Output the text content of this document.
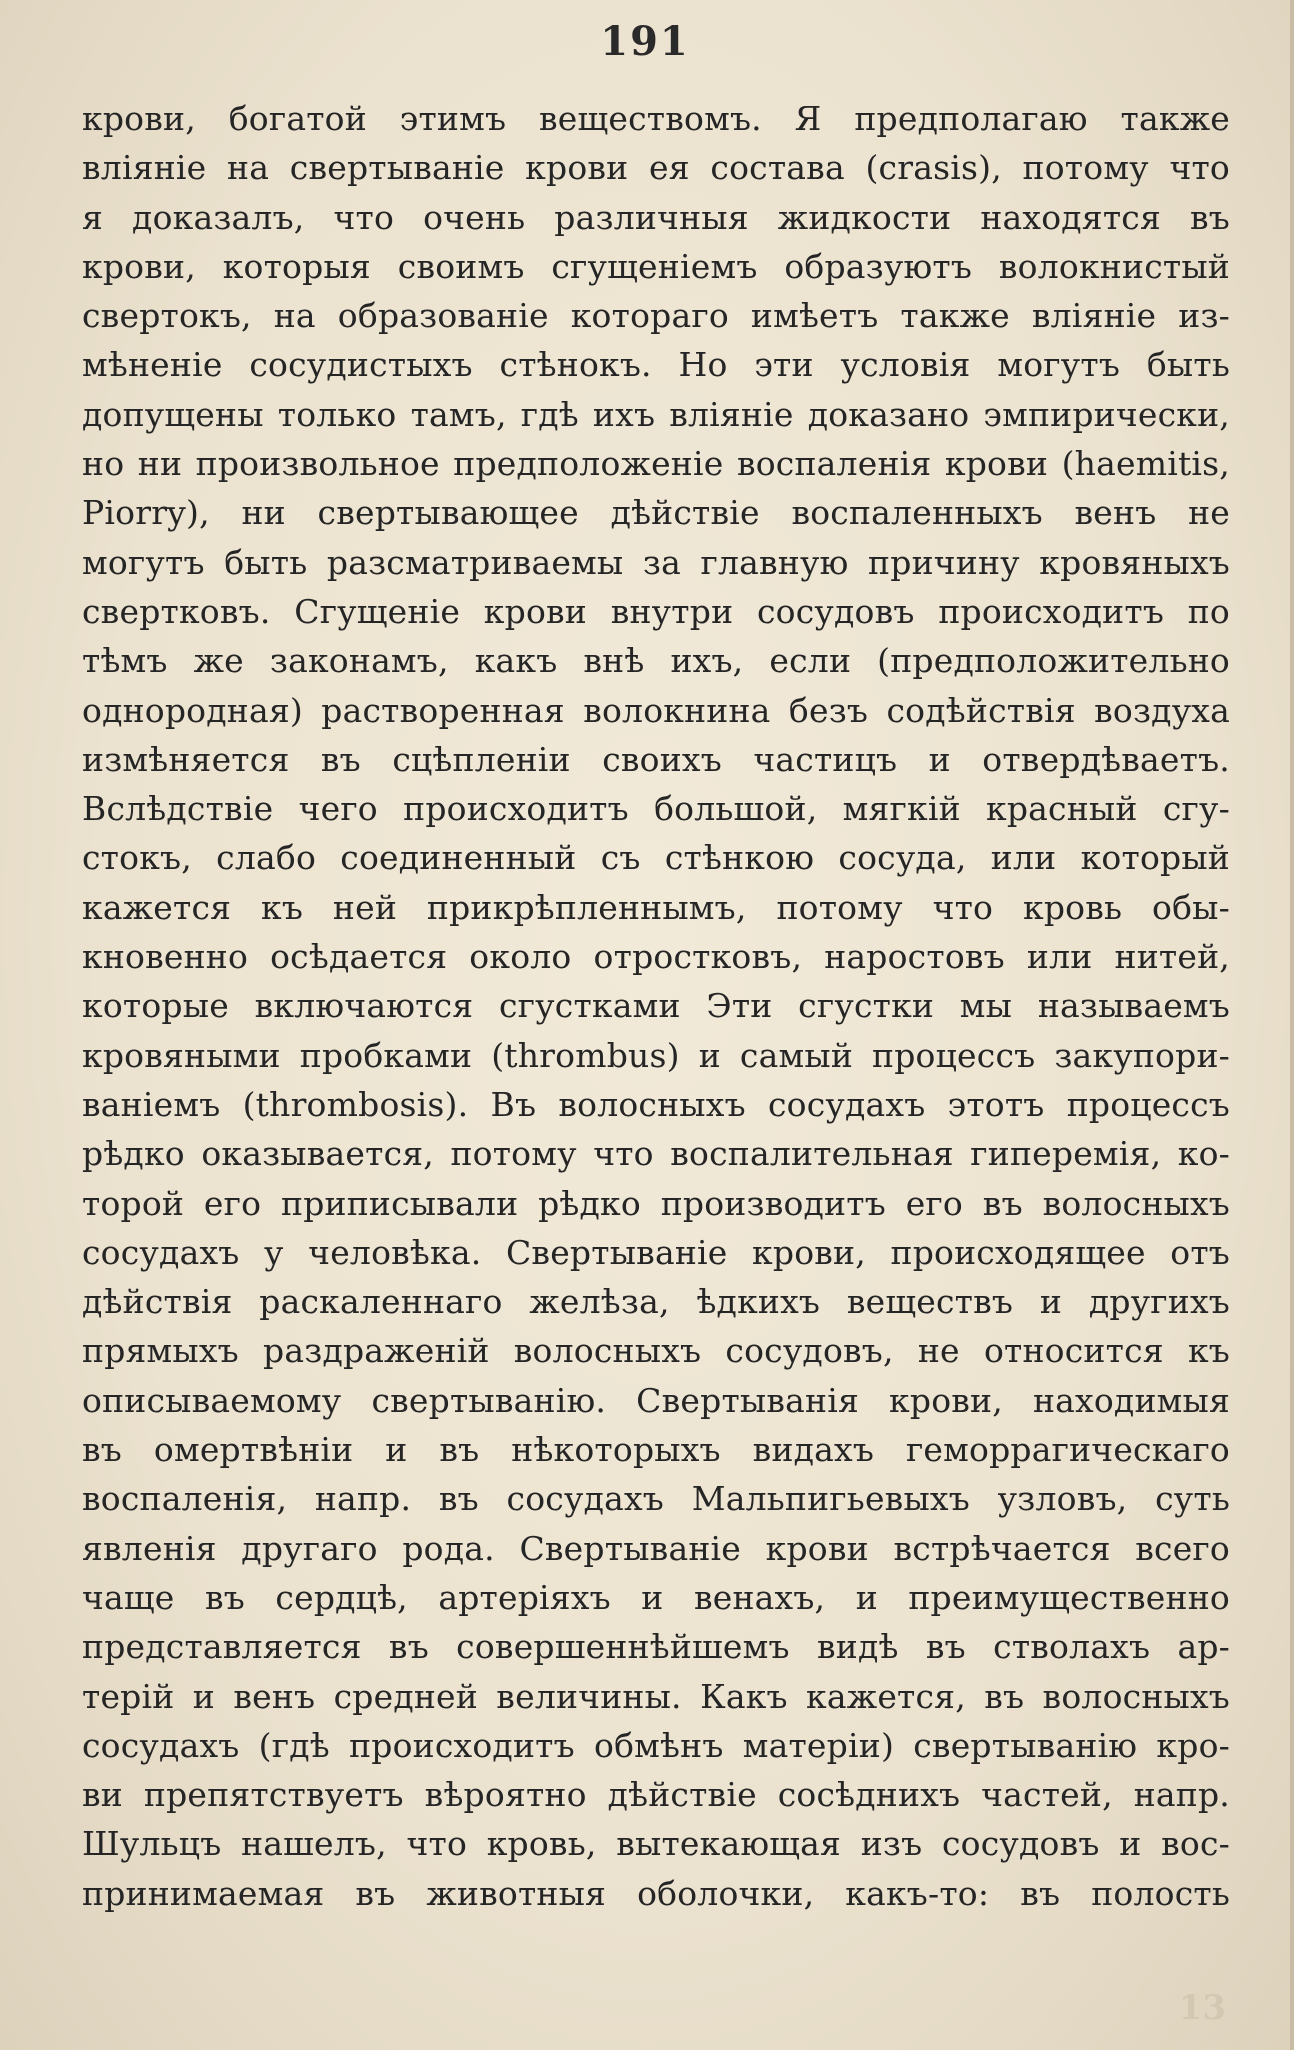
191
крови, богатой этимъ веществомъ. Я предполагаю также
вліяніе на свертываніе крови ея состава (crasis), потому что
я доказалъ, что очень различныя жидкости находятся въ
крови, которыя своимъ сгущеніемъ образуютъ волокнистый
свертокъ, на образованіе котораго имѣетъ также вліяніе из-
мѣненіе сосудистыхъ стѣнокъ. Но эти условія могутъ быть
допущены только тамъ, гдѣ ихъ вліяніе доказано эмпирически,
но ни произвольное предположеніе воспаленія крови (haemitis,
Piorry), ни свертывающее дѣйствіе воспаленныхъ венъ не
могутъ быть разсматриваемы за главную причину кровяныхъ
свертковъ. Сгущеніе крови внутри сосудовъ происходитъ по
тѣмъ же законамъ, какъ внѣ ихъ, если (предположительно
однородная) растворенная волокнина безъ содѣйствія воздуха
измѣняется въ сцѣпленіи своихъ частицъ и отвердѣваетъ.
Вслѣдствіе чего происходитъ большой, мягкій красный сгу-
стокъ, слабо соединенный съ стѣнкою сосуда, или который
кажется къ ней прикрѣпленнымъ, потому что кровь обы-
кновенно осѣдается около отростковъ, наростовъ или нитей,
которые включаются сгустками Эти сгустки мы называемъ
кровяными пробками (thrombus) и самый процессъ закупори-
ваніемъ (thrombosis). Въ волосныхъ сосудахъ этотъ процессъ
рѣдко оказывается, потому что воспалительная гиперемія, ко-
торой его приписывали рѣдко производитъ его въ волосныхъ
сосудахъ у человѣка. Свертываніе крови, происходящее отъ
дѣйствія раскаленнаго желѣза, ѣдкихъ веществъ и другихъ
прямыхъ раздраженій волосныхъ сосудовъ, не относится къ
описываемому свертыванію. Свертыванія крови, находимыя
въ омертвѣніи и въ нѣкоторыхъ видахъ геморрагическаго
воспаленія, напр. въ сосудахъ Мальпигьевыхъ узловъ, суть
явленія другаго рода. Свертываніе крови встрѣчается всего
чаще въ сердцѣ, артеріяхъ и венахъ, и преимущественно
представляется въ совершеннѣйшемъ видѣ въ стволахъ ар-
терій и венъ средней величины. Какъ кажется, въ волосныхъ
сосудахъ (гдѣ происходитъ обмѣнъ матеріи) свертыванію кро-
ви препятствуетъ вѣроятно дѣйствіе сосѣднихъ частей, напр.
Шульцъ нашелъ, что кровь, вытекающая изъ сосудовъ и вос-
принимаемая въ животныя оболочки, какъ-то: въ полость
13
